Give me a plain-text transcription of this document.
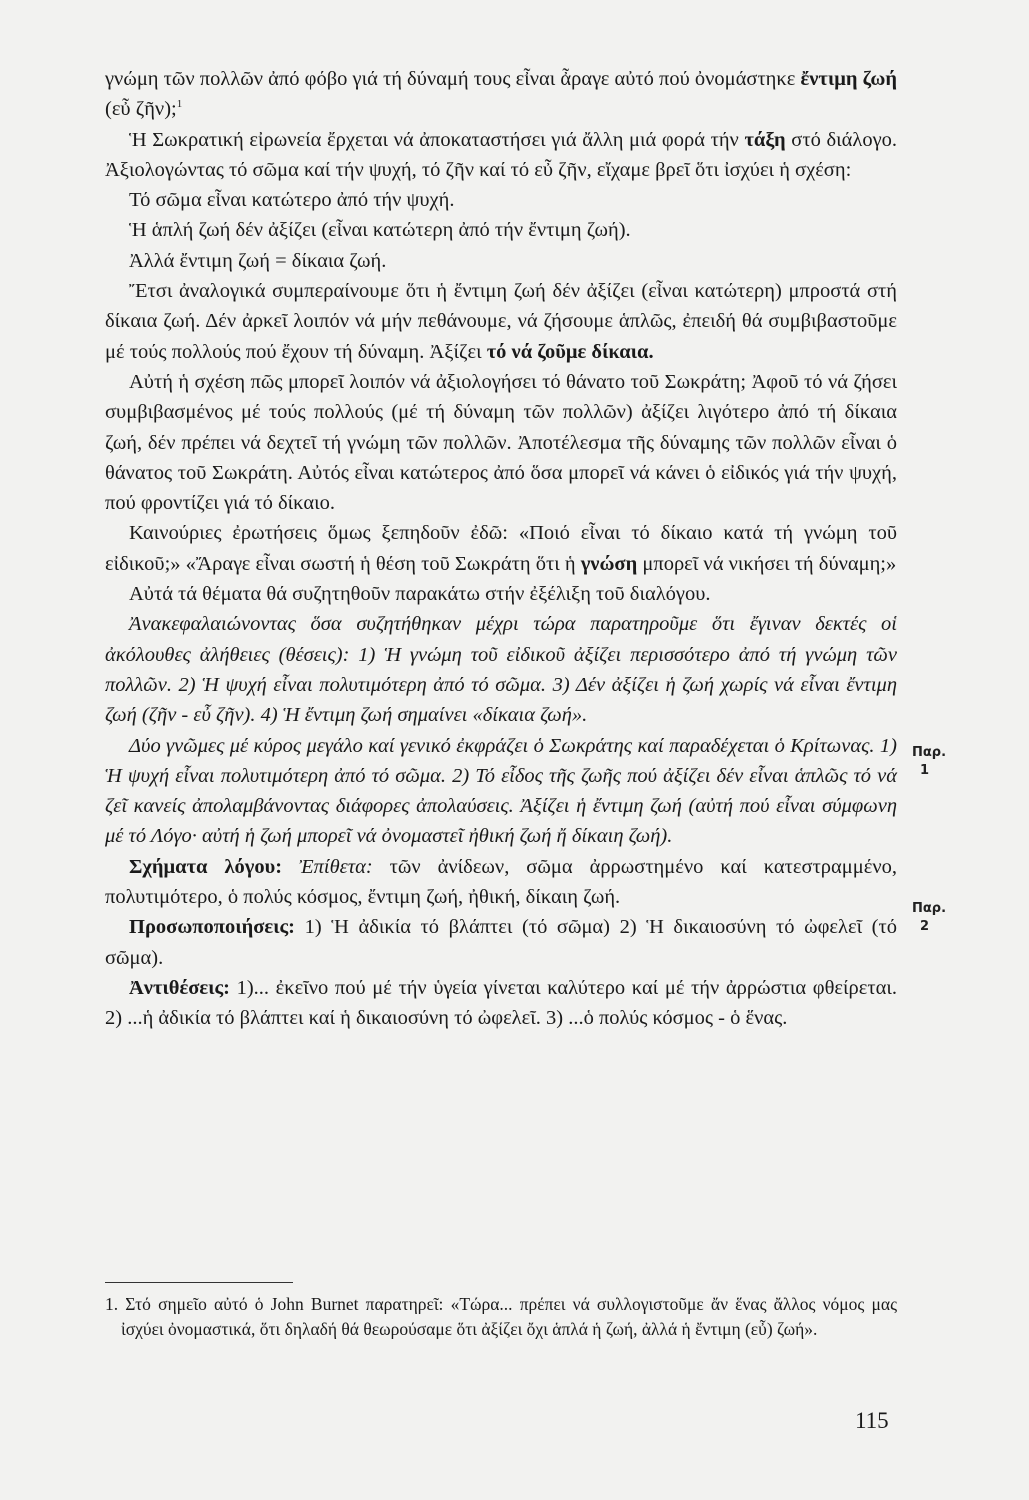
γνώμη τῶν πολλῶν ἀπό φόβο γιά τή δύναμή τους εἶναι ἆραγε αὐτό πού ὀνομάστηκε ἔντιμη ζωή (εὖ ζῆν);$^1$

Ἡ Σωκρατική εἰρωνεία ἔρχεται νά ἀποκαταστήσει γιά ἄλλη μιά φορά τήν τάξη στό διάλογο. Ἀξιολογώντας τό σῶμα καί τήν ψυχή, τό ζῆν καί τό εὖ ζῆν, εἴχαμε βρεῖ ὅτι ἰσχύει ἡ σχέση:

Τό σῶμα εἶναι κατώτερο ἀπό τήν ψυχή.

Ἡ ἁπλή ζωή δέν ἀξίζει (εἶναι κατώτερη ἀπό τήν ἔντιμη ζωή).

Ἀλλά ἔντιμη ζωή = δίκαια ζωή.

Ἔτσι ἀναλογικά συμπεραίνουμε ὅτι ἡ ἔντιμη ζωή δέν ἀξίζει (εἶναι κατώτερη) μπροστά στή δίκαια ζωή. Δέν ἀρκεῖ λοιπόν νά μήν πεθάνουμε, νά ζήσουμε ἁπλῶς, ἐπειδή θά συμβιβαστοῦμε μέ τούς πολλούς πού ἔχουν τή δύναμη. Ἀξίζει τό νά ζοῦμε δίκαια.

Αὐτή ἡ σχέση πῶς μπορεῖ λοιπόν νά ἀξιολογήσει τό θάνατο τοῦ Σωκράτη; Ἀφοῦ τό νά ζήσει συμβιβασμένος μέ τούς πολλούς (μέ τή δύναμη τῶν πολλῶν) ἀξίζει λιγότερο ἀπό τή δίκαια ζωή, δέν πρέπει νά δεχτεῖ τή γνώμη τῶν πολλῶν. Ἀποτέλεσμα τῆς δύναμης τῶν πολλῶν εἶναι ὁ θάνατος τοῦ Σωκράτη. Αὐτός εἶναι κατώτερος ἀπό ὅσα μπορεῖ νά κάνει ὁ εἰδικός γιά τήν ψυχή, πού φροντίζει γιά τό δίκαιο.

Καινούριες ἐρωτήσεις ὅμως ξεπηδοῦν ἐδῶ: «Ποιό εἶναι τό δίκαιο κατά τή γνώμη τοῦ εἰδικοῦ;» «Ἄραγε εἶναι σωστή ἡ θέση τοῦ Σωκράτη ὅτι ἡ γνώση μπορεῖ νά νικήσει τή δύναμη;»

Αὐτά τά θέματα θά συζητηθοῦν παρακάτω στήν ἐξέλιξη τοῦ διαλόγου.

Ἀνακεφαλαιώνοντας ὅσα συζητήθηκαν μέχρι τώρα παρατηροῦμε ὅτι ἔγιναν δεκτές οἱ ἀκόλουθες ἀλήθειες (θέσεις): 1) Ἡ γνώμη τοῦ εἰδικοῦ ἀξίζει περισσότερο ἀπό τή γνώμη τῶν πολλῶν. 2) Ἡ ψυχή εἶναι πολυτιμότερη ἀπό τό σῶμα. 3) Δέν ἀξίζει ἡ ζωή χωρίς νά εἶναι ἔντιμη ζωή (ζῆν - εὖ ζῆν). 4) Ἡ ἔντιμη ζωή σημαίνει «δίκαια ζωή».

Δύο γνῶμες μέ κύρος μεγάλο καί γενικό ἐκφράζει ὁ Σωκράτης καί παραδέχεται ὁ Κρίτωνας. 1) Ἡ ψυχή εἶναι πολυτιμότερη ἀπό τό σῶμα. 2) Τό εἶδος τῆς ζωῆς πού ἀξίζει δέν εἶναι ἁπλῶς τό νά ζεῖ κανείς ἀπολαμβάνοντας διάφορες ἀπολαύσεις. Ἀξίζει ἡ ἔντιμη ζωή (αὐτή πού εἶναι σύμφωνη μέ τό Λόγο· αὐτή ἡ ζωή μπορεῖ νά ὀνομαστεῖ ἠθική ζωή ἤ δίκαιη ζωή).

Σχήματα λόγου: Ἐπίθετα: τῶν ἀνίδεων, σῶμα ἀρρωστημένο καί κατεστραμμένο, πολυτιμότερο, ὁ πολύς κόσμος, ἔντιμη ζωή, ἠθική, δίκαιη ζωή.

Προσωποποιήσεις: 1) Ἡ ἀδικία τό βλάπτει (τό σῶμα) 2) Ἡ δικαιοσύνη τό ὠφελεῖ (τό σῶμα).

Ἀντιθέσεις: 1)... ἐκεῖνο πού μέ τήν ὑγεία γίνεται καλύτερο καί μέ τήν ἀρρώστια φθείρεται. 2) ...ἡ ἀδικία τό βλάπτει καί ἡ δικαιοσύνη τό ὠφελεῖ. 3) ...ὁ πολύς κόσμος - ὁ ἕνας.

Παρ.
1
Παρ.
2

1. Στό σημεῖο αὐτό ὁ John Burnet παρατηρεῖ: «Τώρα... πρέπει νά συλλογιστοῦμε ἄν ἕνας ἄλλος νόμος μας ἰσχύει ὀνομαστικά, ὅτι δηλαδή θά θεωρούσαμε ὅτι ἀξίζει ὄχι ἁπλά ἡ ζωή, ἀλλά ἡ ἔντιμη (εὖ) ζωή».

115
